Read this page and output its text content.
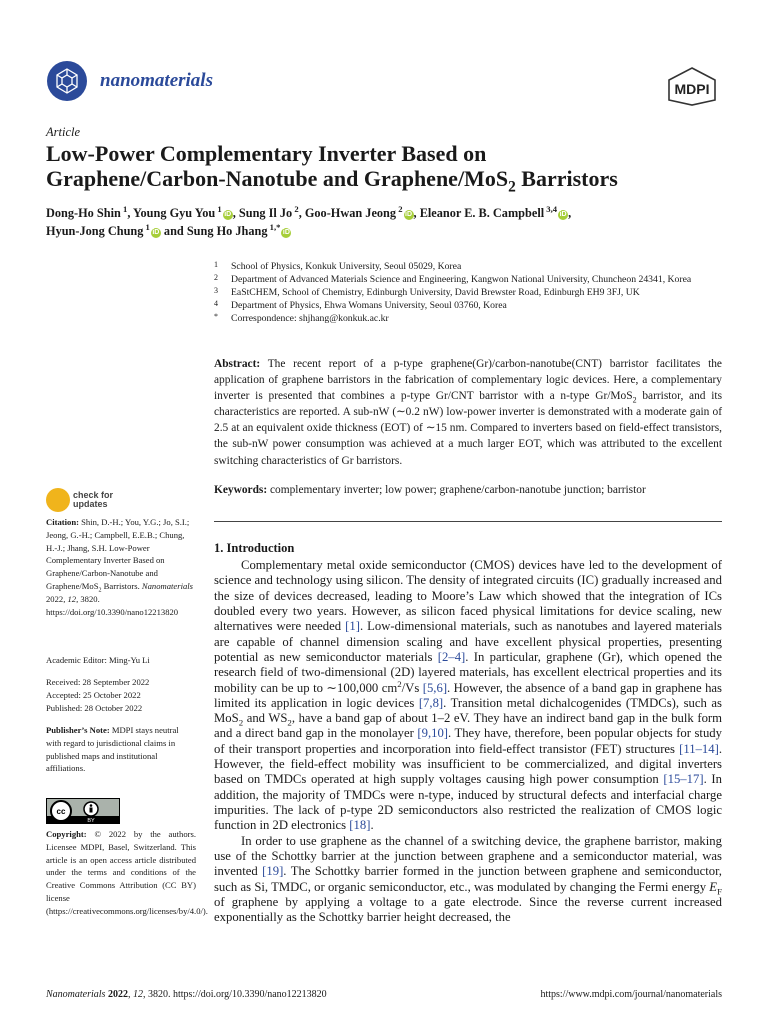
nanomaterials	MDPI
Article
Low-Power Complementary Inverter Based on
Graphene/Carbon-Nanotube and Graphene/MoS$_2$ Barristors
Dong-Ho Shin $^1$, Young Gyu You $^1$iD , Sung Il Jo $^2$, Goo-Hwan Jeong $^2$iD , Eleanor E. B. Campbell $^{3,4}$iD ,
Hyun-Jong Chung $^1$iD and Sung Ho Jhang $^{1,*}$iD
1 School of Physics, Konkuk University, Seoul 05029, Korea
2 Department of Advanced Materials Science and Engineering, Kangwon National University, Chuncheon 24341, Korea
3 EaStCHEM, School of Chemistry, Edinburgh University, David Brewster Road, Edinburgh EH9 3FJ, UK
4 Department of Physics, Ehwa Womans University, Seoul 03760, Korea
* Correspondence: shjhang@konkuk.ac.kr
Abstract: The recent report of a p-type graphene(Gr)/carbon-nanotube(CNT) barristor facilitates the application of graphene barristors in the fabrication of complementary logic devices. Here, a complementary inverter is presented that combines a p-type Gr/CNT barristor with a n-type Gr/MoS$_2$ barristor, and its characteristics are reported. A sub-nW (∼0.2 nW) low-power inverter is demonstrated with a moderate gain of 2.5 at an equivalent oxide thickness (EOT) of ∼15 nm. Compared to inverters based on field-effect transistors, the sub-nW power consumption was achieved at a much larger EOT, which was attributed to the excellent switching characteristics of Gr barristors.
Keywords: complementary inverter; low power; graphene/carbon-nanotube junction; barristor
1. Introduction

Complementary metal oxide semiconductor (CMOS) devices have led to the development of science and technology using silicon. The density of integrated circuits (IC) gradually increased and the size of devices decreased, leading to Moore’s Law which showed that the integration of ICs doubled every two years. However, as silicon faced physical limitations for device scaling, new alternatives were needed [1]. Low-dimensional materials, such as nanotubes and layered materials are capable of channel dimension scaling and have excellent physical properties, presenting potential as new semiconductor materials [2–4]. In particular, graphene (Gr), which opened the research field of two-dimensional (2D) layered materials, has excellent electrical properties and its mobility can be up to ∼100,000 $cm^2/Vs$ [5,6]. However, the absence of a band gap in graphene has limited its application in logic devices [7,8]. Transition metal dichalcogenides (TMDCs), such as MoS$_2$ and $WS_2$, have a band gap of about 1–2 eV. They have an indirect band gap in the bulk form and a direct band gap in the monolayer [9,10]. They have, therefore, been popular objects for study of their transport properties and incorporation into field-effect transistor (FET) structures [11–14]. However, the field-effect mobility was insufficient to be commercialized, and digital inverters based on TMDCs operated at high supply voltages causing high power consumption [15–17]. In addition, the majority of TMDCs were n-type, induced by structural defects and interfacial charge impurities. The lack of p-type 2D semiconductors also restricted the realization of CMOS logic function in 2D electronics [18].

In order to use graphene as the channel of a switching device, the graphene barristor, making use of the Schottky barrier at the junction between graphene and a semiconductor material, was invented [19]. The Schottky barrier formed in the junction between graphene and semiconductor, such as Si, TMDC, or organic semiconductor, etc., was modulated by changing the Fermi energy $E_F$ of graphene by applying a voltage to a gate electrode. Since the reverse current increased exponentially as the Schottky barrier height decreased, the

check for
updates
Citation: Shin, D.-H.; You, Y.G.; Jo, S.I.; Jeong, G.-H.; Campbell, E.E.B.; Chung, H.-J.; Jhang, S.H. Low-Power Complementary Inverter Based on Graphene/Carbon-Nanotube and Graphene/MoS$_2$ Barristors. Nanomaterials 2022, 12, 3820. https://doi.org/10.3390/nano12213820
Academic Editor: Ming-Yu Li
Received: 28 September 2022
Accepted: 25 October 2022
Published: 28 October 2022
Publisher’s Note: MDPI stays neutral with regard to jurisdictional claims in published maps and institutional affiliations.
cc
BY
Copyright: © 2022 by the authors. Licensee MDPI, Basel, Switzerland. This article is an open access article distributed under the terms and conditions of the Creative Commons Attribution (CC BY) license (https://creativecommons.org/licenses/by/4.0/).
Nanomaterials 2022, 12, 3820. https://doi.org/10.3390/nano12213820	https://www.mdpi.com/journal/nanomaterials
